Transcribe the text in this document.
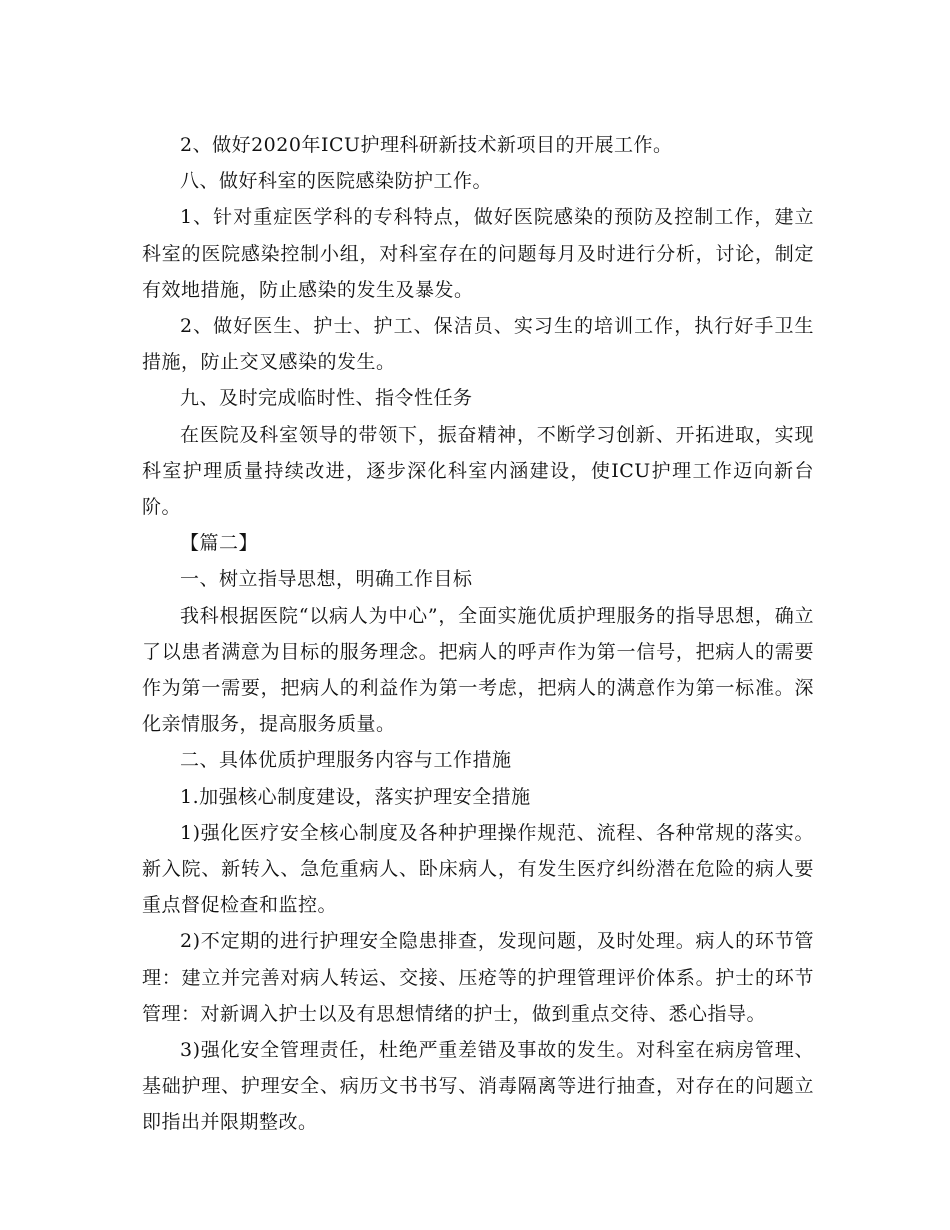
2、做好2020年ICU护理科研新技术新项目的开展工作。

八、做好科室的医院感染防护工作。

1、针对重症医学科的专科特点，做好医院感染的预防及控制工作，建立科室的医院感染控制小组，对科室存在的问题每月及时进行分析，讨论，制定有效地措施，防止感染的发生及暴发。

2、做好医生、护士、护工、保洁员、实习生的培训工作，执行好手卫生措施，防止交叉感染的发生。

九、及时完成临时性、指令性任务

在医院及科室领导的带领下，振奋精神，不断学习创新、开拓进取，实现科室护理质量持续改进，逐步深化科室内涵建设，使ICU护理工作迈向新台阶。

【篇二】

一、树立指导思想，明确工作目标

我科根据医院“以病人为中心”，全面实施优质护理服务的指导思想，确立了以患者满意为目标的服务理念。把病人的呼声作为第一信号，把病人的需要作为第一需要，把病人的利益作为第一考虑，把病人的满意作为第一标准。深化亲情服务，提高服务质量。

二、具体优质护理服务内容与工作措施

1.加强核心制度建设，落实护理安全措施

1)强化医疗安全核心制度及各种护理操作规范、流程、各种常规的落实。新入院、新转入、急危重病人、卧床病人，有发生医疗纠纷潜在危险的病人要重点督促检查和监控。

2)不定期的进行护理安全隐患排查，发现问题，及时处理。病人的环节管理：建立并完善对病人转运、交接、压疮等的护理管理评价体系。护士的环节管理：对新调入护士以及有思想情绪的护士，做到重点交待、悉心指导。

3)强化安全管理责任，杜绝严重差错及事故的发生。对科室在病房管理、基础护理、护理安全、病历文书书写、消毒隔离等进行抽查，对存在的问题立即指出并限期整改。
